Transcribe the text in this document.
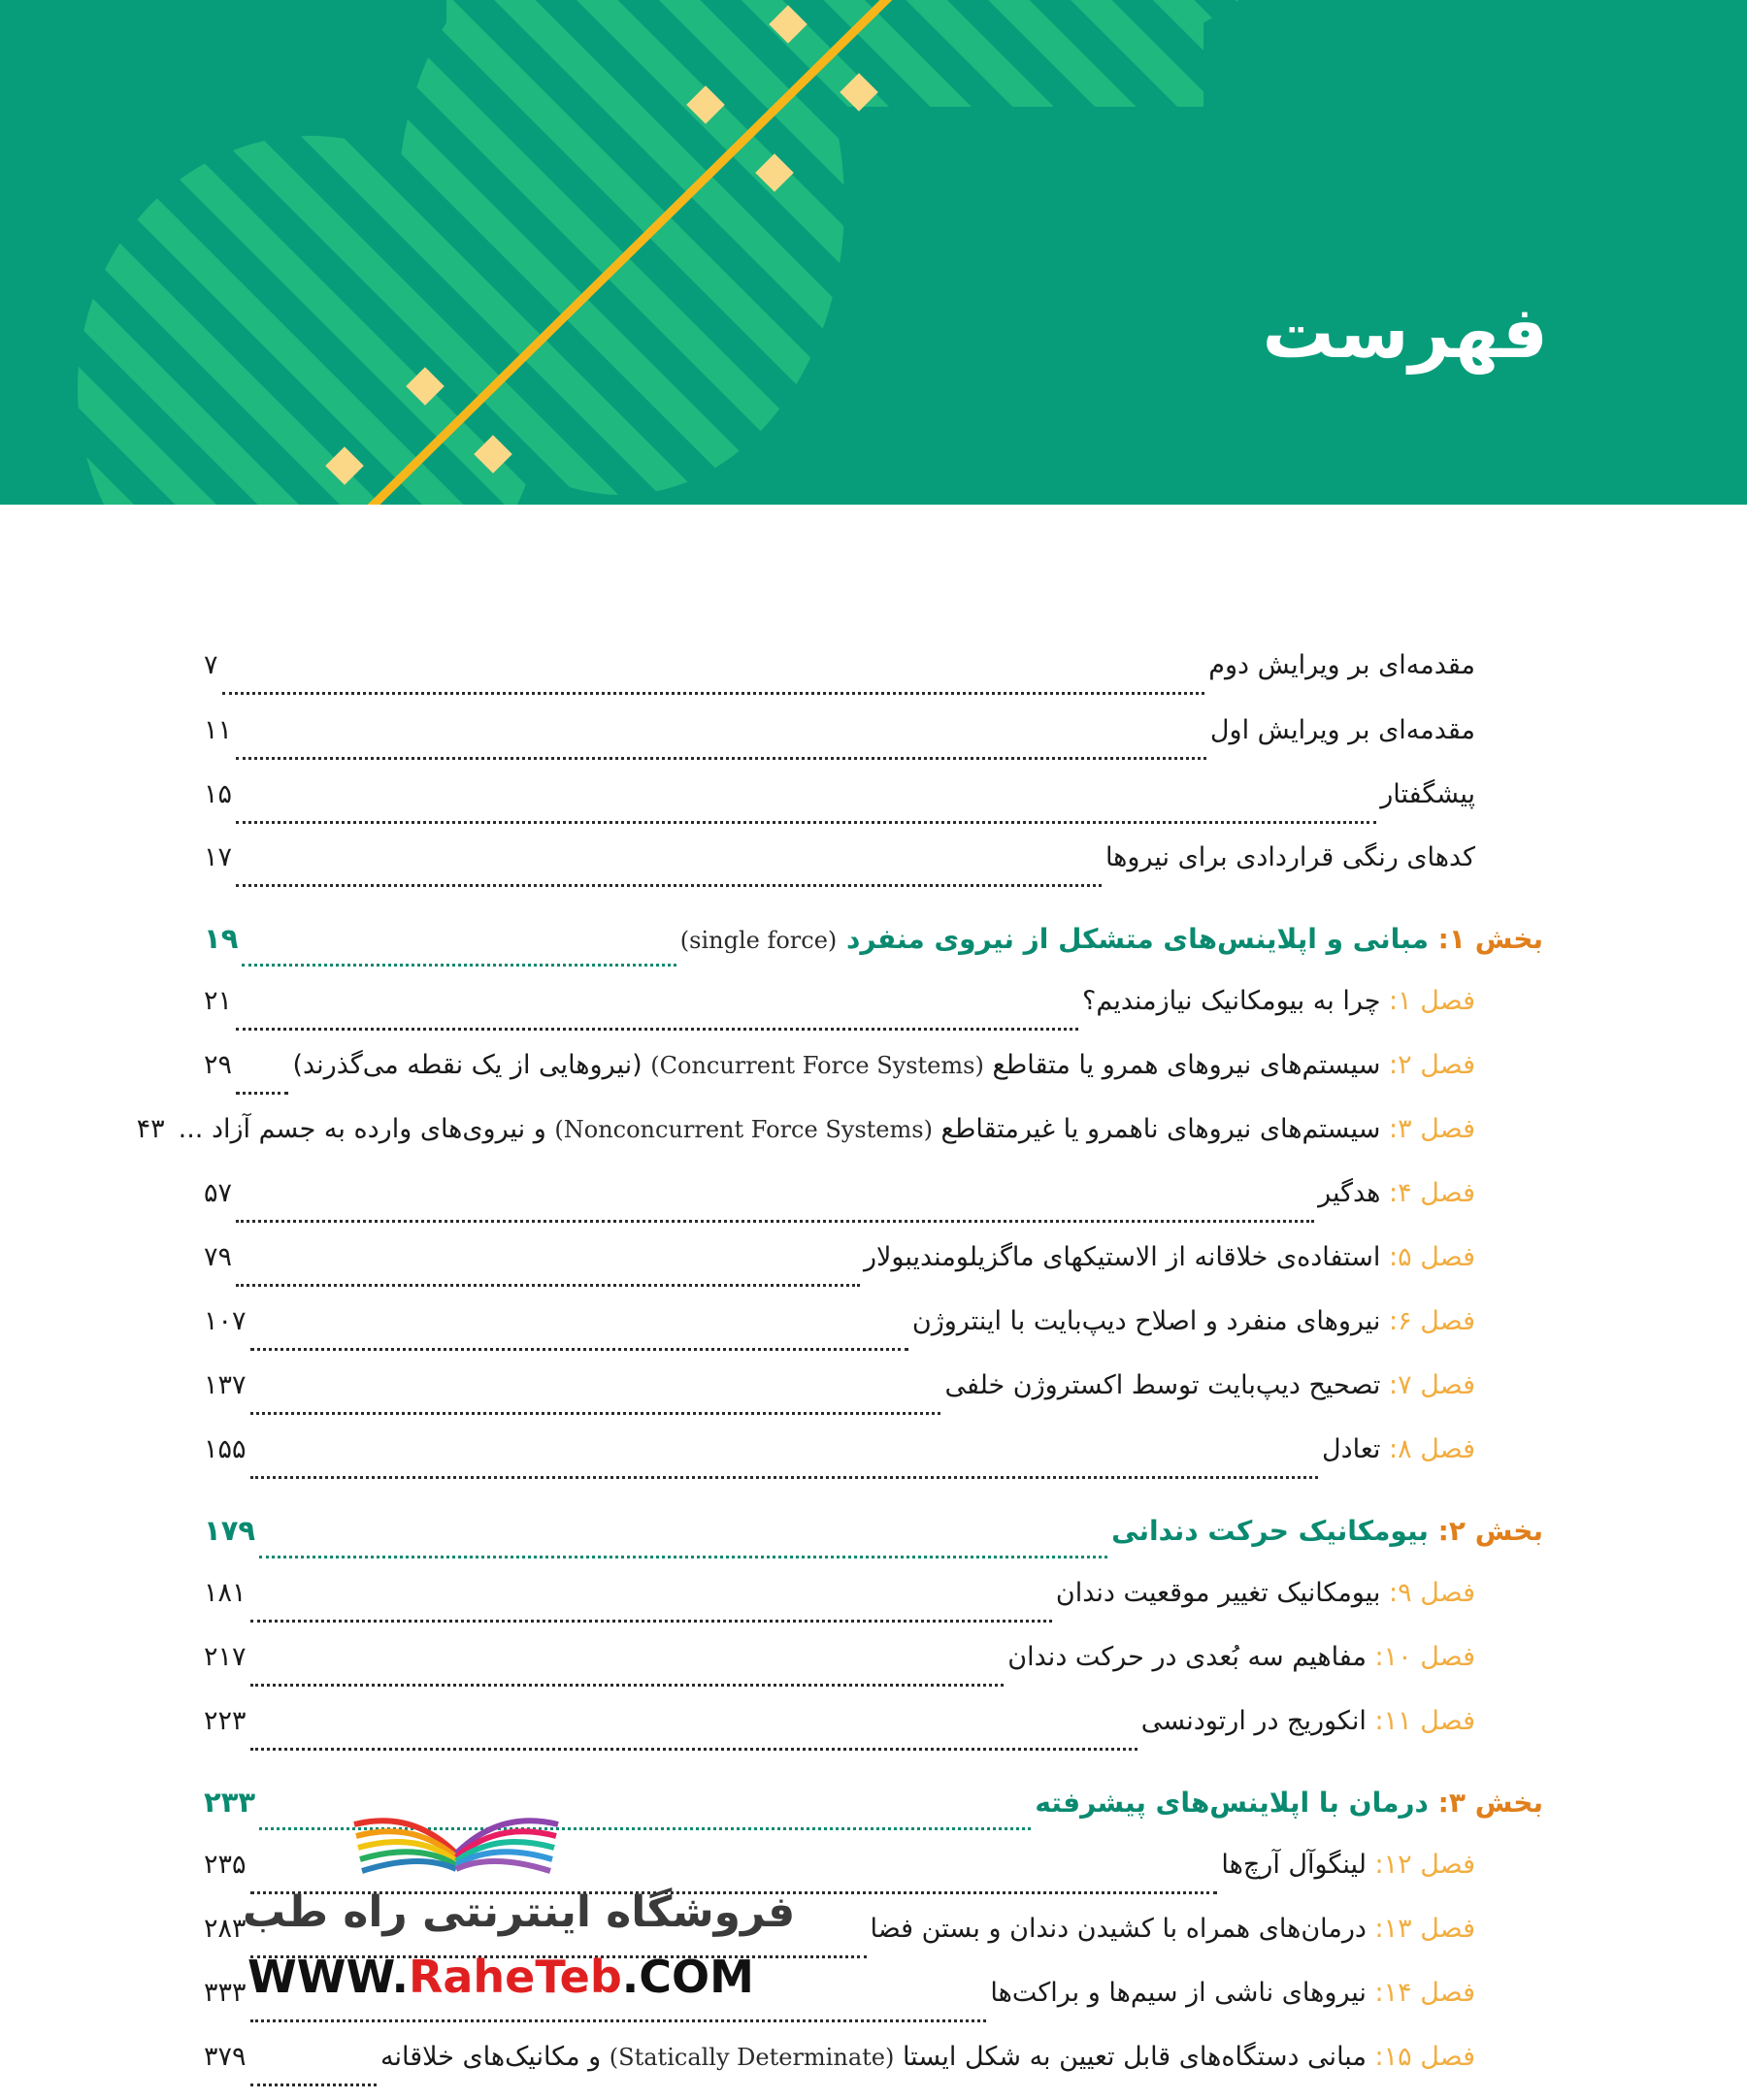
فهرست
مقدمه‌ای بر ویرایش دوم
۷
مقدمه‌ای بر ویرایش اول
۱۱
پیشگفتار
۱۵
کدهای رنگی قراردادی برای نیروها
۱۷
بخش ۱: مبانی و اپلاینس‌های متشکل از نیروی منفرد (single force)
۱۹
فصل ۱: چرا به بیومکانیک نیازمندیم؟
۲۱
فصل ۲: سیستم‌های نیروهای همرو یا متقاطع (Concurrent Force Systems) (نیروهایی از یک نقطه می‌گذرند)
۲۹
فصل ۳: سیستم‌های نیروهای ناهمرو یا غیرمتقاطع (Nonconcurrent Force Systems) و نیروی‌های وارده به جسم آزاد ...
۴۳
فصل ۴: هدگیر
۵۷
فصل ۵: استفاده‌ی خلاقانه از الاستیکهای ماگزیلومندیبولار
۷۹
فصل ۶: نیروهای منفرد و اصلاح دیپ‌بایت با اینتروژن
۱۰۷
فصل ۷: تصحیح دیپ‌بایت توسط اکستروژن خلفی
۱۳۷
فصل ۸: تعادل
۱۵۵
بخش ۲: بیومکانیک حرکت دندانی
۱۷۹
فصل ۹: بیومکانیک تغییر موقعیت دندان
۱۸۱
فصل ۱۰: مفاهیم سه بُعدی در حرکت دندان
۲۱۷
فصل ۱۱: انکوریج در ارتودنسی
۲۲۳
بخش ۳: درمان با اپلاینس‌های پیشرفته
۲۳۳
فصل ۱۲: لینگوآل آرچ‌ها
۲۳۵
فصل ۱۳: درمان‌های همراه با کشیدن دندان و بستن فضا
۲۸۳
فصل ۱۴: نیروهای ناشی از سیم‌ها و براکت‌ها
۳۳۳
فصل ۱۵: مبانی دستگاه‌های قابل تعیین به شکل ایستا (Statically Determinate) و مکانیک‌های خلاقانه
۳۷۹
فروشگاه اینترنتی راه طب
WWW.RaheTeb.COM
